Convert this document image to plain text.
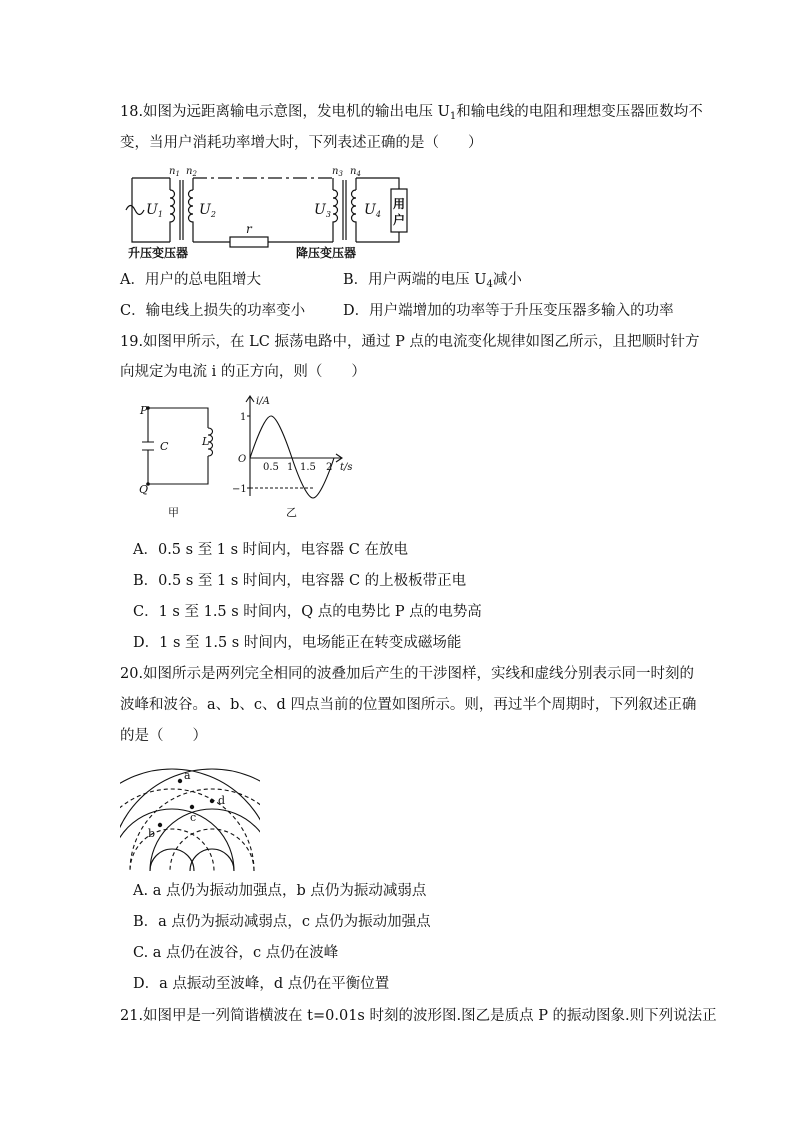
18.如图为远距离输电示意图，发电机的输出电压 $U_1$和输电线的电阻和理想变压器匝数均不
变，当用户消耗功率增大时，下列表述正确的是（　　）
$n_1$ $n_2$	$n_3$ $n_4$
$U_1$	$U_2$	$U_3$ $U_4$
r
用
户
升压变压器	降压变压器
A．用户的总电阻增大	B．用户两端的电压 $U_4$减小
C．输电线上损失的功率变小	D．用户端增加的功率等于升压变压器多输入的功率
19.如图甲所示，在 LC 振荡电路中，通过 P 点的电流变化规律如图乙所示，且把顺时针方
向规定为电流 i 的正方向，则（　　）
P
Q
C	L
甲
i/A
1
−1
O
0.5 1 1.5 2 t/s
乙
A．0.5 s 至 1 s 时间内，电容器 C 在放电
B．0.5 s 至 1 s 时间内，电容器 C 的上极板带正电
C．1 s 至 1.5 s 时间内，Q 点的电势比 P 点的电势高
D．1 s 至 1.5 s 时间内，电场能正在转变成磁场能
20.如图所示是两列完全相同的波叠加后产生的干涉图样，实线和虚线分别表示同一时刻的
波峰和波谷。a、b、c、d 四点当前的位置如图所示。则，再过半个周期时，下列叙述正确
的是（　　）
a
d
c
b
A. a 点仍为振动加强点，b 点仍为振动减弱点
B．a 点仍为振动减弱点，c 点仍为振动加强点
C. a 点仍在波谷，c 点仍在波峰
D．a 点振动至波峰，d 点仍在平衡位置
21.如图甲是一列简谐横波在 t=0.01s 时刻的波形图.图乙是质点 P 的振动图象.则下列说法正
